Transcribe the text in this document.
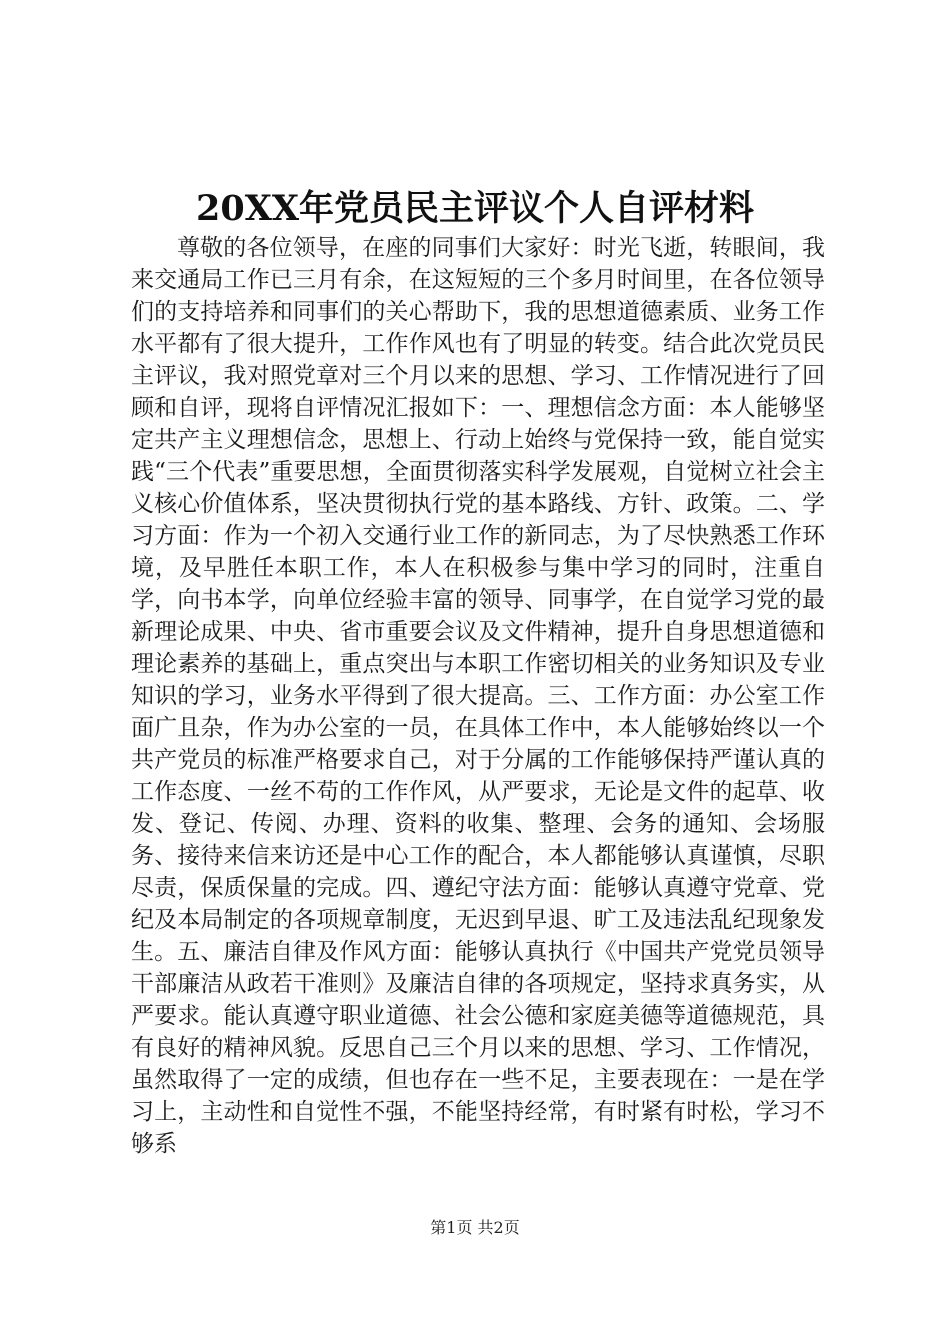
20XX年党员民主评议个人自评材料

尊敬的各位领导，在座的同事们大家好：时光飞逝，转眼间，我来交通局工作已三月有余，在这短短的三个多月时间里，在各位领导们的支持培养和同事们的关心帮助下，我的思想道德素质、业务工作水平都有了很大提升，工作作风也有了明显的转变。结合此次党员民主评议，我对照党章对三个月以来的思想、学习、工作情况进行了回顾和自评，现将自评情况汇报如下：一、理想信念方面：本人能够坚定共产主义理想信念，思想上、行动上始终与党保持一致，能自觉实践“三个代表”重要思想，全面贯彻落实科学发展观，自觉树立社会主义核心价值体系，坚决贯彻执行党的基本路线、方针、政策。二、学习方面：作为一个初入交通行业工作的新同志，为了尽快熟悉工作环境，及早胜任本职工作，本人在积极参与集中学习的同时，注重自学，向书本学，向单位经验丰富的领导、同事学，在自觉学习党的最新理论成果、中央、省市重要会议及文件精神，提升自身思想道德和理论素养的基础上，重点突出与本职工作密切相关的业务知识及专业知识的学习，业务水平得到了很大提高。三、工作方面：办公室工作面广且杂，作为办公室的一员，在具体工作中，本人能够始终以一个共产党员的标准严格要求自己，对于分属的工作能够保持严谨认真的工作态度、一丝不苟的工作作风，从严要求，无论是文件的起草、收发、登记、传阅、办理、资料的收集、整理、会务的通知、会场服务、接待来信来访还是中心工作的配合，本人都能够认真谨慎，尽职尽责，保质保量的完成。四、遵纪守法方面：能够认真遵守党章、党纪及本局制定的各项规章制度，无迟到早退、旷工及违法乱纪现象发生。五、廉洁自律及作风方面：能够认真执行《中国共产党党员领导干部廉洁从政若干准则》及廉洁自律的各项规定，坚持求真务实，从严要求。能认真遵守职业道德、社会公德和家庭美德等道德规范，具有良好的精神风貌。反思自己三个月以来的思想、学习、工作情况，虽然取得了一定的成绩，但也存在一些不足，主要表现在：一是在学习上，主动性和自觉性不强，不能坚持经常，有时紧有时松，学习不够系

第1页 共2页
